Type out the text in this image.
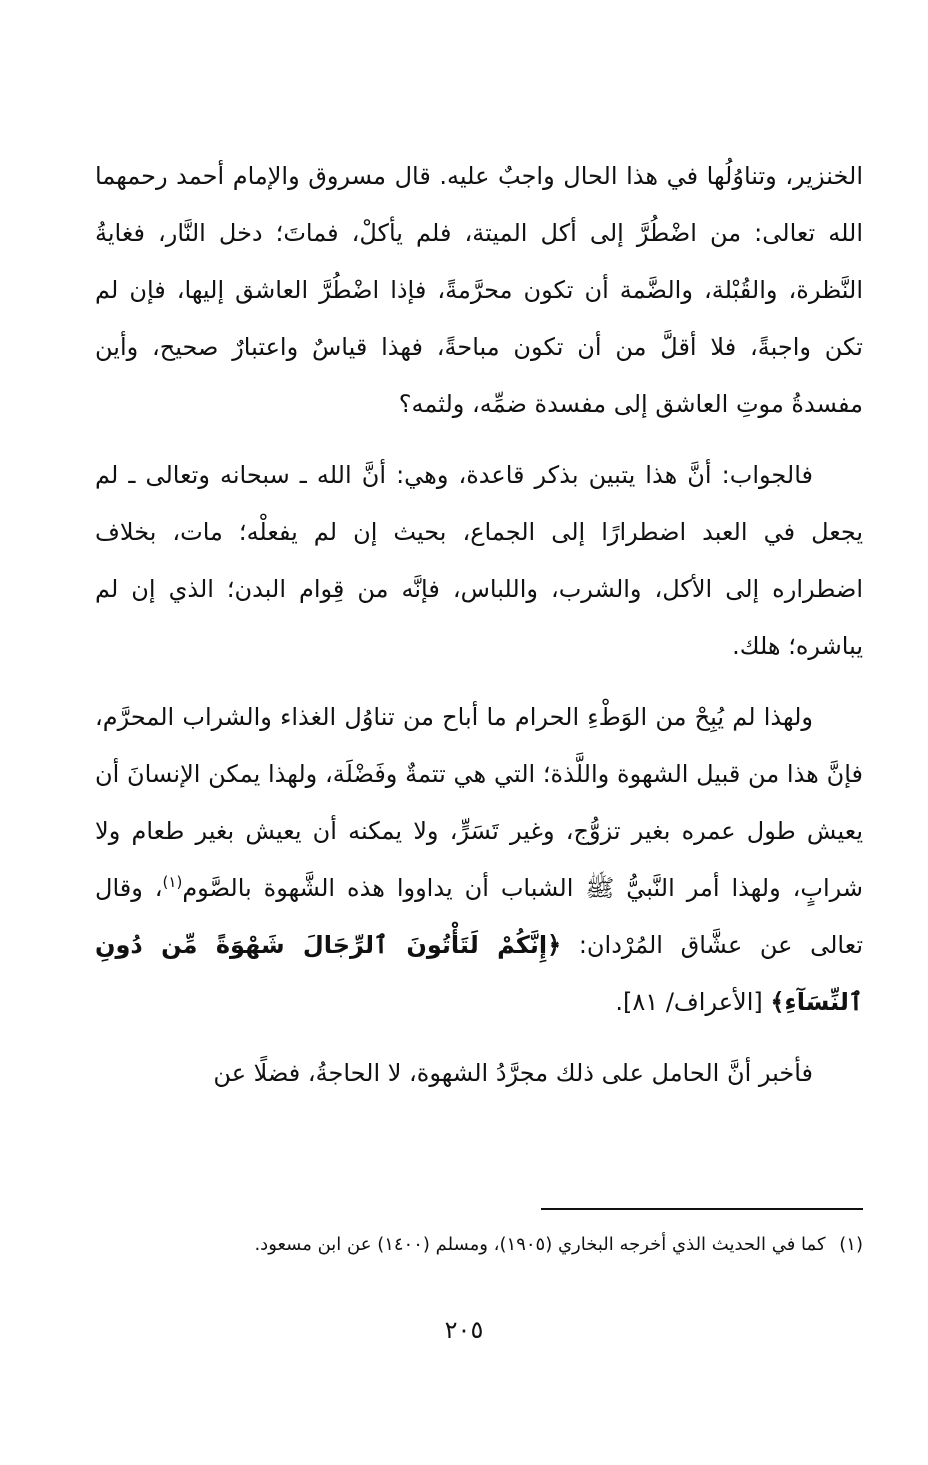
الخنزير، وتناوُلُها في هذا الحال واجبٌ عليه. قال مسروق والإمام أحمد رحمهما الله تعالى: من اضْطُرَّ إلى أكل الميتة، فلم يأكلْ، فماتَ؛ دخل النَّار، فغايةُ النَّظرة، والقُبْلة، والضَّمة أن تكون محرَّمةً، فإذا اضْطُرَّ العاشق إليها، فإن لم تكن واجبةً، فلا أقلَّ من أن تكون مباحةً، فهذا قياسٌ واعتبارٌ صحيح، وأين مفسدةُ موتِ العاشق إلى مفسدة ضمِّه، ولثمه؟

فالجواب: أنَّ هذا يتبين بذكر قاعدة، وهي: أنَّ الله ـ سبحانه وتعالى ـ لم يجعل في العبد اضطرارًا إلى الجماع، بحيث إن لم يفعلْه؛ مات، بخلاف اضطراره إلى الأكل، والشرب، واللباس، فإنَّه من قِوام البدن؛ الذي إن لم يباشره؛ هلك.

ولهذا لم يُبِحْ من الوَطْءِ الحرام ما أباح من تناوُل الغذاء والشراب المحرَّم، فإنَّ هذا من قبيل الشهوة واللَّذة؛ التي هي تتمةٌ وفَضْلَة، ولهذا يمكن الإنسانَ أن يعيش طول عمره بغير تزوُّج، وغير تَسَرٍّ، ولا يمكنه أن يعيش بغير طعام ولا شرابٍ، ولهذا أمر النَّبيُّ ﷺ الشباب أن يداووا هذه الشَّهوة بالصَّوم$^{(١)}$، وقال تعالى عن عشَّاق المُرْدان: ﴿إِنَّكُمْ لَتَأْتُونَ ٱلرِّجَالَ شَهْوَةً مِّن دُونِ ٱلنِّسَآءِ﴾ [الأعراف/ ٨١].

فأخبر أنَّ الحامل على ذلك مجرَّدُ الشهوة، لا الحاجةُ، فضلًا عن

(١) كما في الحديث الذي أخرجه البخاري (١٩٠٥)، ومسلم (١٤٠٠) عن ابن مسعود.
٢٠٥
